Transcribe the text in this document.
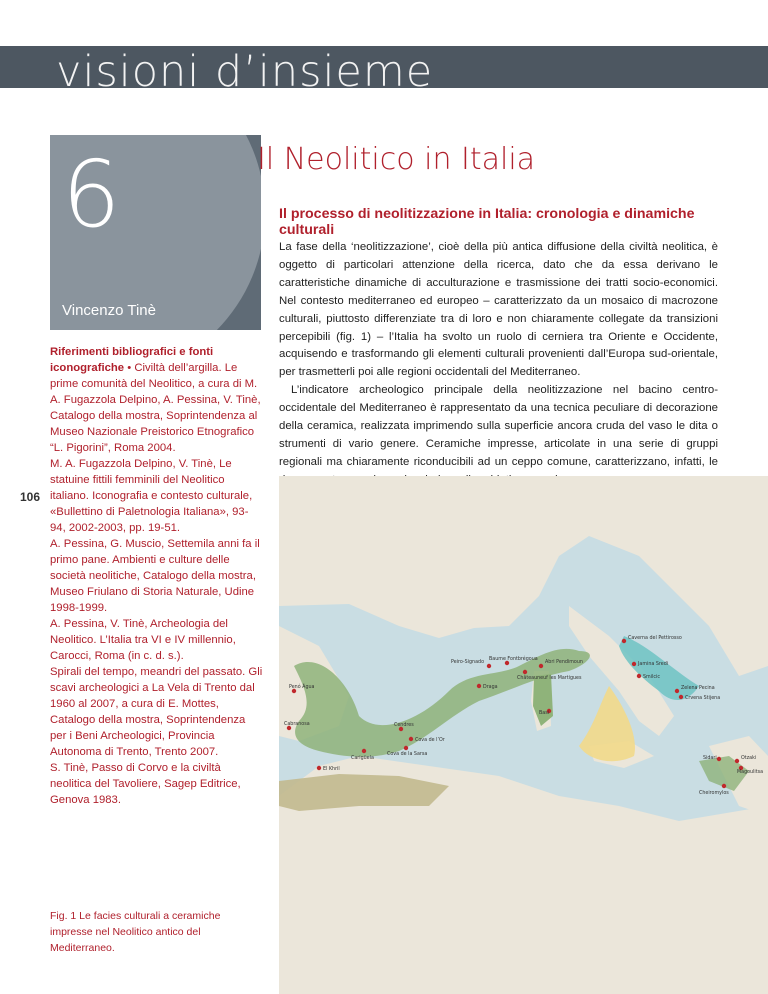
visioni d’insieme
6
Vincenzo Tinè

Riferimenti bibliografici e fonti iconografiche • Civiltà dell’argilla. Le prime comunità del Neolitico, a cura di M. A. Fugazzola Delpino, A. Pessina, V. Tinè, Catalogo della mostra, Soprintendenza al Museo Nazionale Preistorico Etnografico “L. Pigorini”, Roma 2004.

M. A. Fugazzola Delpino, V. Tinè, Le statuine fittili femminili del Neolitico italiano. Iconografia e contesto culturale, «Bullettino di Paletnologia Italiana», 93-94, 2002-2003, pp. 19-51.

A. Pessina, G. Muscio, Settemila anni fa il primo pane. Ambienti e culture delle società neolitiche, Catalogo della mostra, Museo Friulano di Storia Naturale, Udine 1998-1999.

A. Pessina, V. Tinè, Archeologia del Neolitico. L’Italia tra VI e IV millennio, Carocci, Roma (in c. d. s.).

Spirali del tempo, meandri del passato. Gli scavi archeologici a La Vela di Trento dal 1960 al 2007, a cura di E. Mottes, Catalogo della mostra, Soprintendenza per i Beni Archeologici, Provincia Autonoma di Trento, Trento 2007.

S. Tinè, Passo di Corvo e la civiltà neolitica del Tavoliere, Sagep Editrice, Genova 1983.

106
Fig. 1 Le facies culturali a ceramiche impresse nel Neolitico antico del Mediterraneo.
Il Neolitico in Italia
Il processo di neolitizzazione in Italia: cronologia e dinamiche culturali

La fase della ‘neolitizzazione’, cioè della più antica diffusione della civiltà neolitica, è oggetto di particolari attenzione della ricerca, dato che da essa derivano le caratteristiche dinamiche di acculturazione e trasmissione dei tratti socio-economici. Nel contesto mediterraneo ed europeo – caratterizzato da un mosaico di macrozone culturali, piuttosto differenziate tra di loro e non chiaramente collegate da transizioni percepibili (fig. 1) – l’Italia ha svolto un ruolo di cerniera tra Oriente e Occidente, acquisendo e trasformando gli elementi culturali provenienti dall’Europa sud-orientale, per trasmetterli poi alle regioni occidentali del Mediterraneo.

L’indicatore archeologico principale della neolitizzazione nel bacino centro-occidentale del Mediterraneo è rappresentato da una tecnica peculiare di decorazione della ceramica, realizzata imprimendo sulla superficie ancora cruda del vaso le dita o strumenti di vario genere. Ceramiche impresse, articolate in una serie di gruppi regionali ma chiaramente riconducibili ad un ceppo comune, caratterizzano, infatti, le

Caverna del Pettirosso
Jamina Sredi
Smilcic
Zelena Pecina
Crvena Stijena
Peiro-Signado
Baume Fontbrégoua
Abri Pendimoun
Châteauneuf les Martigues
Draga
Basi
Cendres
Penó Água
Cabranosa
Cova de l’Or
Cova de la Sarsa
Carigüela
El Khril
Sidari	Otzaki
Magoulitsa
Cheiromylos
